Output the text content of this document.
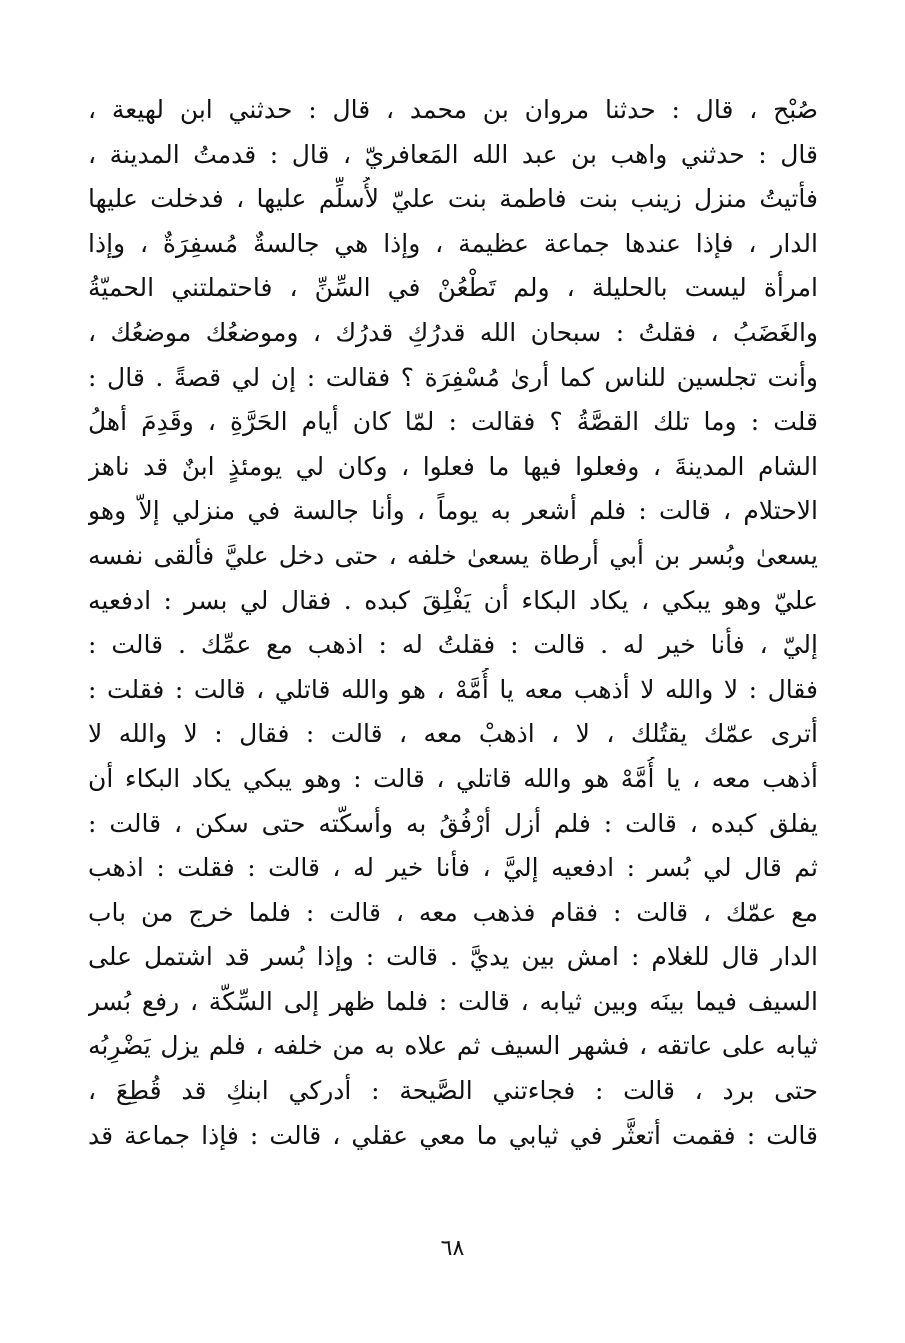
صُبْح ، قال : حدثنا مروان بن محمد ، قال : حدثني ابن لهيعة ،
قال : حدثني واهب بن عبد الله المَعافريّ ، قال : قدمتُ المدينة ،
فأتيتُ منزل زينب بنت فاطمة بنت عليّ لأُسلِّم عليها ، فدخلت عليها
الدار ، فإذا عندها جماعة عظيمة ، وإذا هي جالسةٌ مُسفِرَةٌ ، وإذا
امرأة ليست بالحليلة ، ولم تَطْعُنْ في السِّنِّ ، فاحتملتني الحميّةُ
والغَضَبُ ، فقلتُ : سبحان الله قدرُكِ قدرُك ، وموضعُك موضعُك ،
وأنت تجلسين للناس كما أرىٰ مُسْفِرَة ؟ فقالت : إن لي قصةً . قال :
قلت : وما تلك القصَّةُ ؟ فقالت : لمّا كان أيام الحَرَّةِ ، وقَدِمَ أهلُ
الشام المدينةَ ، وفعلوا فيها ما فعلوا ، وكان لي يومئذٍ ابنٌ قد ناهز
الاحتلام ، قالت : فلم أشعر به يوماً ، وأنا جالسة في منزلي إلاّ وهو
يسعىٰ وبُسر بن أبي أرطاة يسعىٰ خلفه ، حتى دخل عليَّ فألقى نفسه
عليّ وهو يبكي ، يكاد البكاء أن يَفْلِقَ كبده . فقال لي بسر : ادفعيه
إليّ ، فأنا خير له . قالت : فقلتُ له : اذهب مع عمِّك . قالت :
فقال : لا والله لا أذهب معه يا أُمَّهْ ، هو والله قاتلي ، قالت : فقلت :
أترى عمّك يقتُلك ، لا ، اذهبْ معه ، قالت : فقال : لا والله لا
أذهب معه ، يا أُمَّهْ هو والله قاتلي ، قالت : وهو يبكي يكاد البكاء أن
يفلق كبده ، قالت : فلم أزل أرْفُقُ به وأسكّته حتى سكن ، قالت :
ثم قال لي بُسر : ادفعيه إليَّ ، فأنا خير له ، قالت : فقلت : اذهب
مع عمّك ، قالت : فقام فذهب معه ، قالت : فلما خرج من باب
الدار قال للغلام : امش بين يديَّ . قالت : وإذا بُسر قد اشتمل على
السيف فيما بينَه وبين ثيابه ، قالت : فلما ظهر إلى السِّكّة ، رفع بُسر
ثيابه على عاتقه ، فشهر السيف ثم علاه به من خلفه ، فلم يزل يَضْرِبُه
حتى برد ، قالت : فجاءتني الصَّيحة : أدركي ابنكِ قد قُطِعَ ،
قالت : فقمت أتعثَّر في ثيابي ما معي عقلي ، قالت : فإذا جماعة قد
٦٨
